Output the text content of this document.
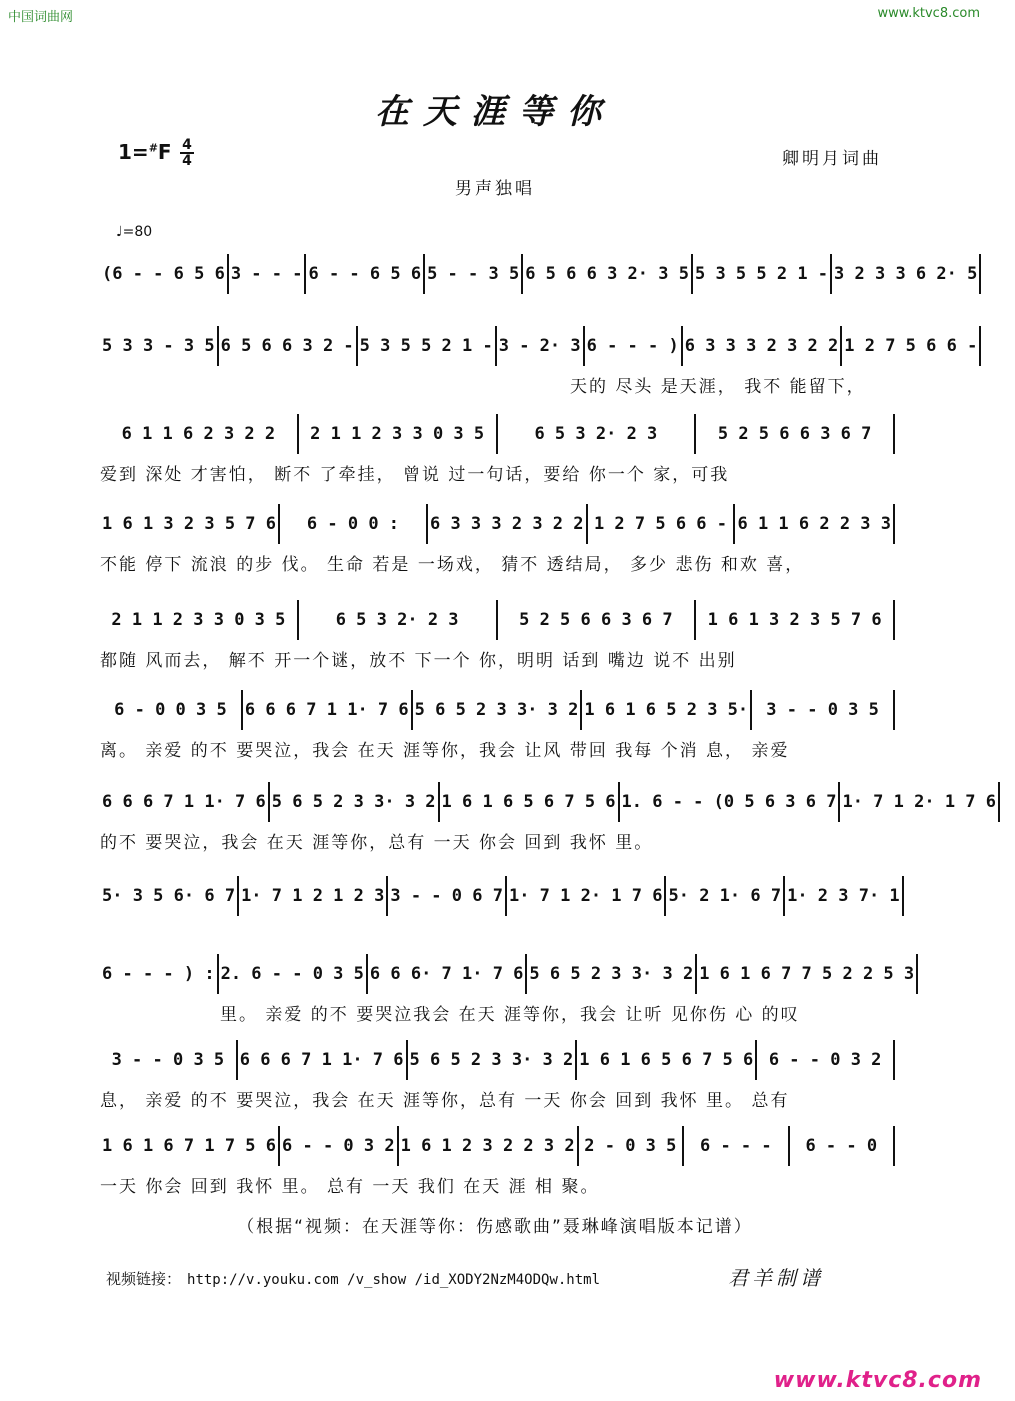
中国词曲网	www.ktvc8.com
在天涯等你
1=#F 4
4	卿明月词曲
男声独唱
♩=80
(6 - - 6 5 6 3 - - - 6 - - 6 5 6 5 - - 3 5 6 5 6 6 3 2· 3 5 5 3 5 5 2 1 - 3 2 3 3 6 2· 5
5 3 3 - 3 5 6 5 6 6 3 2 - 5 3 5 5 2 1 - 3 - 2· 3 6 - - - ) 6 3 3 3 2 3 2 2 1 2 7 5 6 6 -
天的 尽头 是天涯， 我不 能留下，
6 1 1 6 2 3 2 2	2 1 1 2 3 3 0 3 5	6 5 3 2· 2 3	5 2 5 6 6 3 6 7
爱到 深处 才害怕， 断不 了牵挂， 曾说 过一句话，要给 你一个 家，可我
1 6 1 3 2 3 5 7 6	6 - 0 0 :	6 3 3 3 2 3 2 2 1 2 7 5 6 6 - 6 1 1 6 2 2 3 3
不能 停下 流浪 的步 伐。 生命 若是 一场戏， 猜不 透结局， 多少 悲伤 和欢 喜，
2 1 1 2 3 3 0 3 5	6 5 3 2· 2 3	5 2 5 6 6 3 6 7	1 6 1 3 2 3 5 7 6
都随 风而去， 解不 开一个谜，放不 下一个 你，明明 话到 嘴边 说不 出别
6 - 0 0 3 5	6 6 6 7 1 1· 7 6 5 6 5 2 3 3· 3 2 1 6 1 6 5 2 3 5·	3 - - 0 3 5
离。 亲爱 的不 要哭泣，我会 在天 涯等你，我会 让风 带回 我每 个消 息， 亲爱
6 6 6 7 1 1· 7 6 5 6 5 2 3 3· 3 2 1 6 1 6 5 6 7 5 6 1. 6 - - (0 5 6 3 6 7 1· 7 1 2· 1 7 6
的不 要哭泣，我会 在天 涯等你，总有 一天 你会 回到 我怀 里。
5· 3 5 6· 6 7 1· 7 1 2 1 2 3 3 - - 0 6 7 1· 7 1 2· 1 7 6 5· 2 1· 6 7 1· 2 3 7· 1
6 - - - ) : 2. 6 - - 0 3 5 6 6 6· 7 1· 7 6 5 6 5 2 3 3· 3 2 1 6 1 6 7 7 5 2 2 5 3
里。 亲爱 的不 要哭泣我会 在天 涯等你，我会 让听 见你伤 心 的叹
3 - - 0 3 5 6 6 6 7 1 1· 7 6 5 6 5 2 3 3· 3 2 1 6 1 6 5 6 7 5 6 6 - - 0 3 2
息， 亲爱 的不 要哭泣，我会 在天 涯等你，总有 一天 你会 回到 我怀 里。 总有
1 6 1 6 7 1 7 5 6 6 - - 0 3 2 1 6 1 2 3 2 2 3 2 2 - 0 3 5	6 - - -	6 - - 0
一天 你会 回到 我怀 里。 总有 一天 我们 在天 涯 相 聚。
（根据“视频：在天涯等你：伤感歌曲”聂琳峰演唱版本记谱）
视频链接： http://v.youku.com /v_show /id_XODY2NzM4ODQw.html	君羊制谱
www.ktvc8.com
